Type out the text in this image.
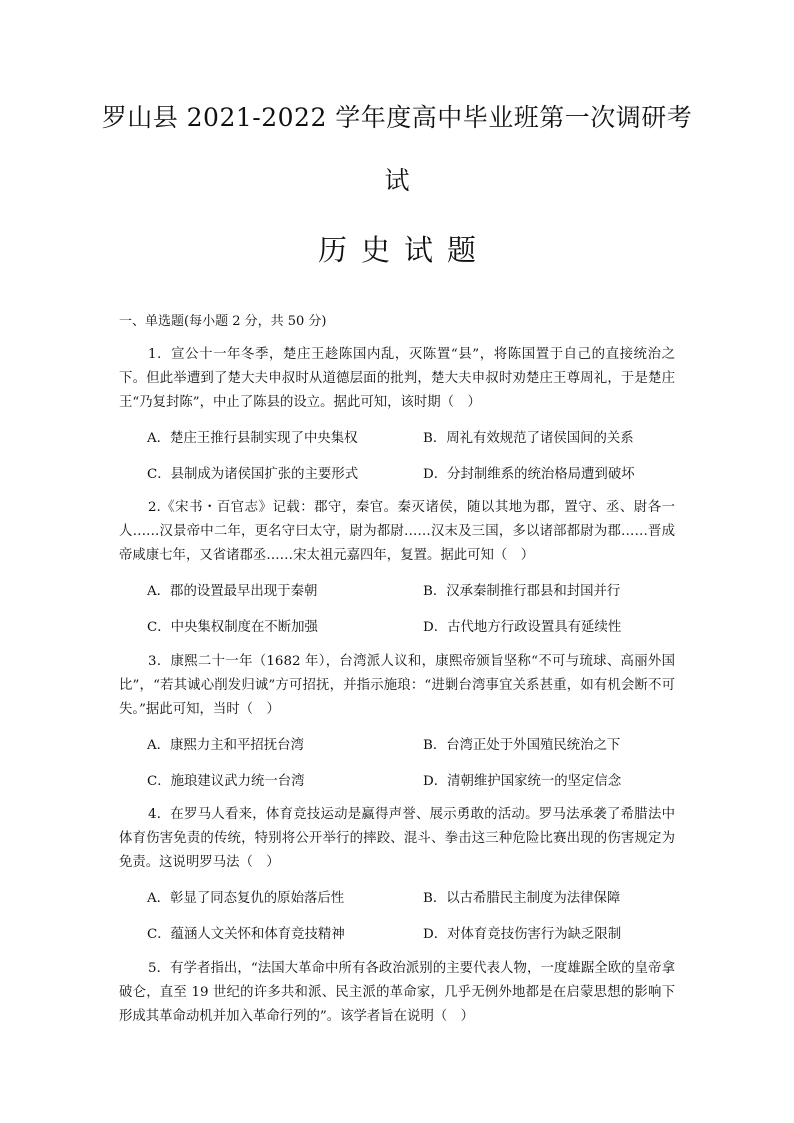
罗山县 2021-2022 学年度高中毕业班第一次调研考
试
历史试题
一、单选题(每小题 2 分，共 50 分)

1．宣公十一年冬季，楚庄王趁陈国内乱，灭陈置“县”，将陈国置于自己的直接统治之下。但此举遭到了楚大夫申叔时从道德层面的批判，楚大夫申叔时劝楚庄王尊周礼，于是楚庄王“乃复封陈”，中止了陈县的设立。据此可知，该时期（　）

A．楚庄王推行县制实现了中央集权	B．周礼有效规范了诸侯国间的关系
C．县制成为诸侯国扩张的主要形式	D．分封制维系的统治格局遭到破坏

2.《宋书・百官志》记载：郡守，秦官。秦灭诸侯，随以其地为郡，置守、丞、尉各一人……汉景帝中二年，更名守曰太守，尉为都尉……汉末及三国，多以诸部都尉为郡……晋成帝咸康七年，又省诸郡丞……宋太祖元嘉四年，复置。据此可知（　）

A．郡的设置最早出现于秦朝	B．汉承秦制推行郡县和封国并行
C．中央集权制度在不断加强	D．古代地方行政设置具有延续性

3．康熙二十一年（1682 年），台湾派人议和，康熙帝颁旨坚称“不可与琉球、高丽外国比”，“若其诚心削发归诚”方可招抚，并指示施琅：“进剿台湾事宜关系甚重，如有机会断不可失。”据此可知，当时（　）

A．康熙力主和平招抚台湾	B．台湾正处于外国殖民统治之下
C．施琅建议武力统一台湾	D．清朝维护国家统一的坚定信念

4．在罗马人看来，体育竞技运动是赢得声誉、展示勇敢的活动。罗马法承袭了希腊法中体育伤害免责的传统，特别将公开举行的摔跤、混斗、拳击这三种危险比赛出现的伤害规定为免责。这说明罗马法（　）

A．彰显了同态复仇的原始落后性	B．以古希腊民主制度为法律保障
C．蕴涵人文关怀和体育竞技精神	D．对体育竞技伤害行为缺乏限制

5．有学者指出，“法国大革命中所有各政治派别的主要代表人物，一度雄踞全欧的皇帝拿破仑，直至 19 世纪的许多共和派、民主派的革命家，几乎无例外地都是在启蒙思想的影响下形成其革命动机并加入革命行列的”。该学者旨在说明（　）
